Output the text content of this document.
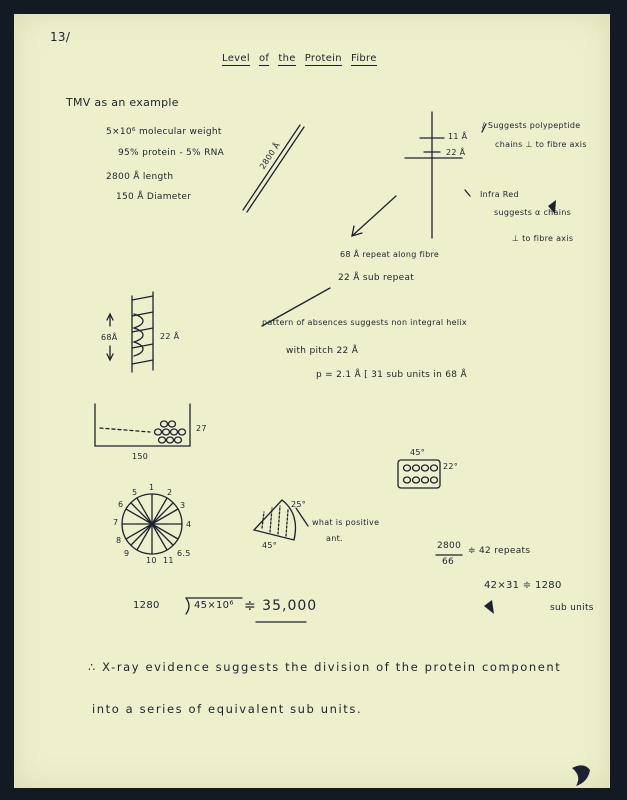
13/
Level of the Protein Fibre
TMV as an example
5×10⁶ molecular weight
95% protein - 5% RNA
2800 Å length
150 Å Diameter
2800 Å
11 Å
22 Å
/ Suggests polypeptide
chains ⊥ to fibre axis
Infra Red
suggests α chains
⊥ to fibre axis
68 Å repeat along fibre
22 Å sub repeat
68Å	22 Å
pattern of absences suggests non integral helix
with pitch 22 Å
p = 2.1 Å [ 31 sub units in 68 Å
27
150	45°
22°
1
2
3
4
5
6
7
8
9
10 11
6.5
25°
45°
what is positive
ant.
2800
66
≑ 42 repeats
42×31 ≑ 1280
sub units
1280	45×10⁶ ≑ 35,000
∴ X-ray evidence suggests the division of the protein component
into a series of equivalent sub units.
